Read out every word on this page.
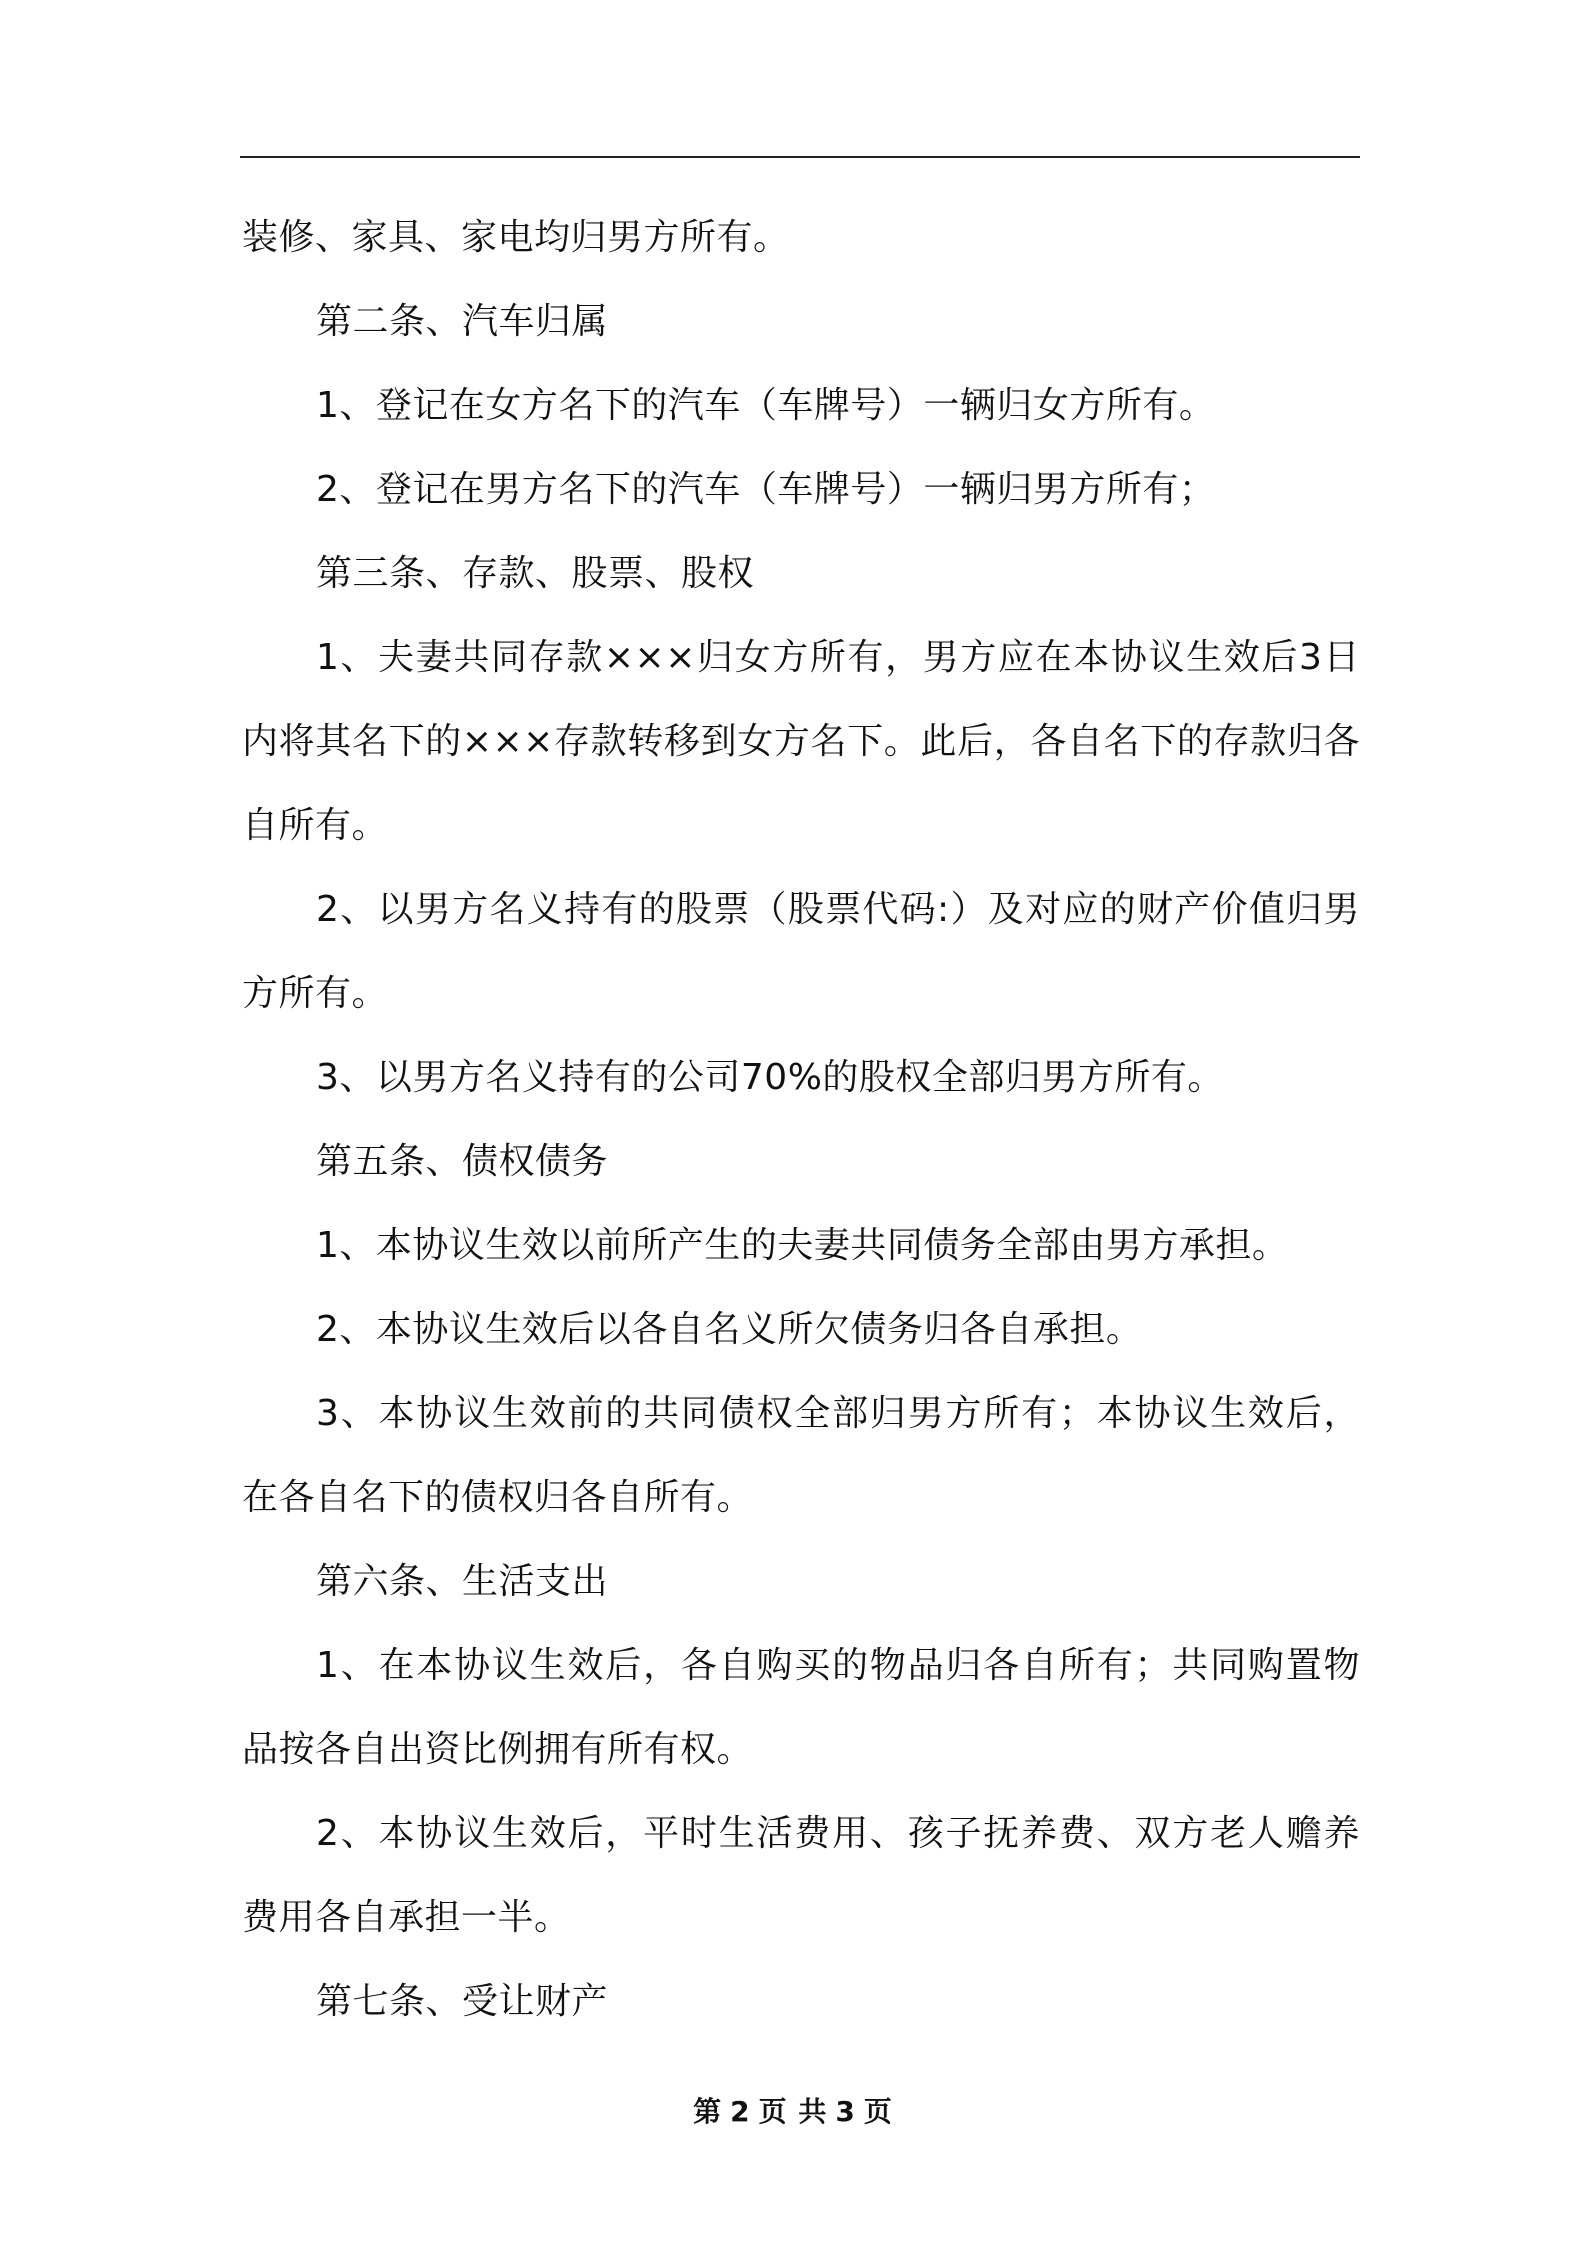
装修、家具、家电均归男方所有。

第二条、汽车归属

1、登记在女方名下的汽车（车牌号）一辆归女方所有。

2、登记在男方名下的汽车（车牌号）一辆归男方所有；

第三条、存款、股票、股权

1、夫妻共同存款×××归女方所有，男方应在本协议生效后3日内将其名下的×××存款转移到女方名下。此后，各自名下的存款归各自所有。

2、以男方名义持有的股票（股票代码:）及对应的财产价值归男方所有。

3、以男方名义持有的公司70%的股权全部归男方所有。

第五条、债权债务

1、本协议生效以前所产生的夫妻共同债务全部由男方承担。

2、本协议生效后以各自名义所欠债务归各自承担。

3、本协议生效前的共同债权全部归男方所有；本协议生效后，在各自名下的债权归各自所有。

第六条、生活支出

1、在本协议生效后，各自购买的物品归各自所有；共同购置物品按各自出资比例拥有所有权。

2、本协议生效后，平时生活费用、孩子抚养费、双方老人赡养费用各自承担一半。

第七条、受让财产

第 2 页 共 3 页
